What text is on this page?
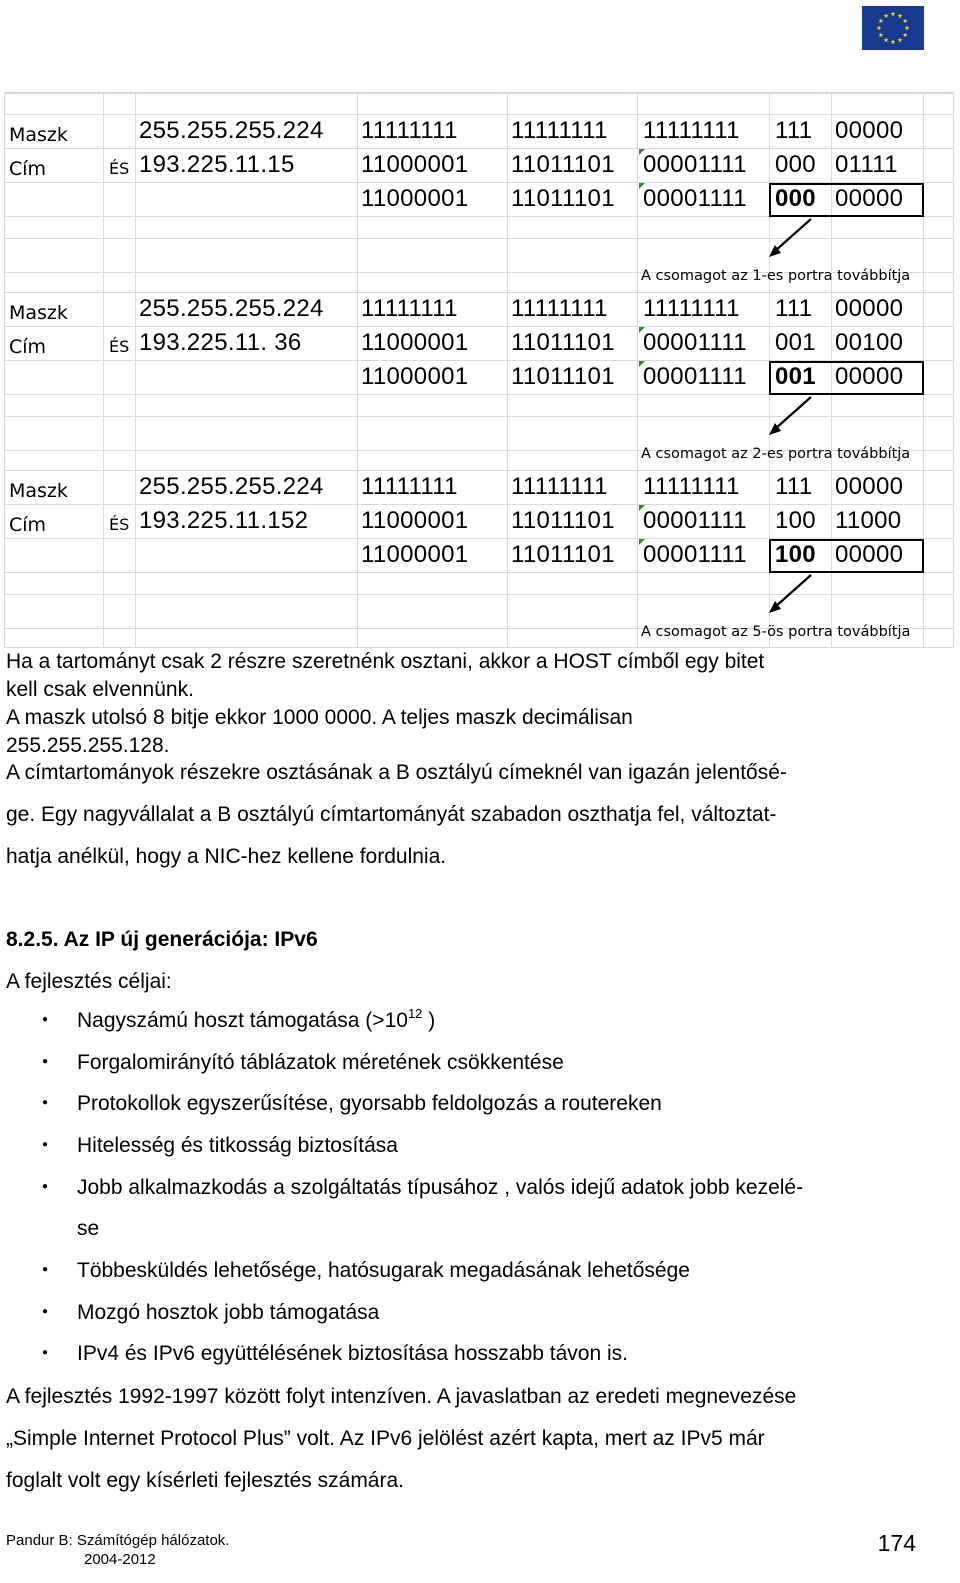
Maszk	255.255.255.224 11111111 11111111 11111111 111 00000
Cím	ÉS 193.225.11.15	11000001 11011101 00001111 000 01111
11000001 11011101 00001111 000 00000
A csomagot az 1-es portra továbbítja
Maszk	255.255.255.224 11111111 11111111 11111111 111 00000
Cím	ÉS 193.225.11. 36 11000001 11011101 00001111 001 00100
11000001 11011101 00001111 001 00000
A csomagot az 2-es portra továbbítja
Maszk	255.255.255.224 11111111 11111111 11111111 111 00000
Cím	ÉS 193.225.11.152 11000001 11011101 00001111 100 11000
11000001 11011101 00001111 100 00000
A csomagot az 5-ös portra továbbítja
Ha a tartományt csak 2 részre szeretnénk osztani, akkor a HOST címből egy bitet
kell csak elvennünk.
A maszk utolsó 8 bitje ekkor 1000 0000. A teljes maszk decimálisan
255.255.255.128.
A címtartományok részekre osztásának a B osztályú címeknél van igazán jelentősé-
ge. Egy nagyvállalat a B osztályú címtartományát szabadon oszthatja fel, változtat-
hatja anélkül, hogy a NIC-hez kellene fordulnia.
8.2.5. Az IP új generációja: IPv6
A fejlesztés céljai:
● Nagyszámú hoszt támogatása ($>10^{12}$ )
● Forgalomirányító táblázatok méretének csökkentése
● Protokollok egyszerűsítése, gyorsabb feldolgozás a routereken
● Hitelesség és titkosság biztosítása
● Jobb alkalmazkodás a szolgáltatás típusához , valós idejű adatok jobb kezelé-
se
● Többesküldés lehetősége, hatósugarak megadásának lehetősége
● Mozgó hosztok jobb támogatása
● IPv4 és IPv6 együttélésének biztosítása hosszabb távon is.
A fejlesztés 1992-1997 között folyt intenzíven. A javaslatban az eredeti megnevezése
„Simple Internet Protocol Plus” volt. Az IPv6 jelölést azért kapta, mert az IPv5 már
foglalt volt egy kísérleti fejlesztés számára.
Pandur B: Számítógép hálózatok.
2004-2012
174
